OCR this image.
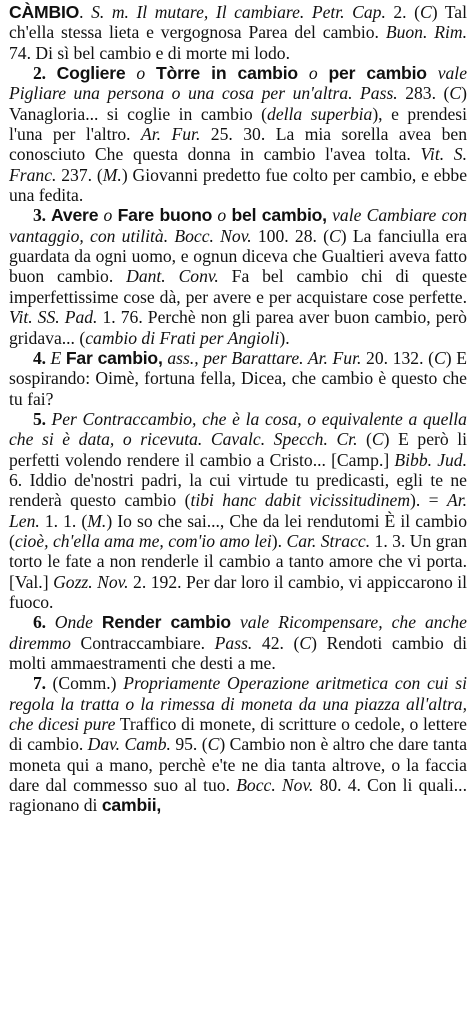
CÀMBIO. S. m. Il mutare, Il cambiare. Petr. Cap. 2. (C) Tal ch'ella stessa lieta e vergognosa Parea del cambio. Buon. Rim. 74. Di sì bel cambio e di morte mi lodo.

2. Cogliere o Tòrre in cambio o per cambio vale Pigliare una persona o una cosa per un'altra. Pass. 283. (C) Vanagloria... si coglie in cambio (della superbia), e prendesi l'una per l'altro. Ar. Fur. 25. 30. La mia sorella avea ben conosciuto Che questa donna in cambio l'avea tolta. Vit. S. Franc. 237. (M.) Giovanni predetto fue colto per cambio, e ebbe una fedita.

3. Avere o Fare buono o bel cambio, vale Cambiare con vantaggio, con utilità. Bocc. Nov. 100. 28. (C) La fanciulla era guardata da ogni uomo, e ognun diceva che Gualtieri aveva fatto buon cambio. Dant. Conv. Fa bel cambio chi di queste imperfettissime cose dà, per avere e per acquistare cose perfette. Vit. SS. Pad. 1. 76. Perchè non gli parea aver buon cambio, però gridava... (cambio di Frati per Angioli).

4. E Far cambio, ass., per Barattare. Ar. Fur. 20. 132. (C) E sospirando: Oimè, fortuna fella, Dicea, che cambio è questo che tu fai?

5. Per Contraccambio, che è la cosa, o equivalente a quella che si è data, o ricevuta. Cavalc. Specch. Cr. (C) E però li perfetti volendo rendere il cambio a Cristo... [Camp.] Bibb. Jud. 6. Iddio de'nostri padri, la cui virtude tu predicasti, egli te ne renderà questo cambio (tibi hanc dabit vicissitudinem). = Ar. Len. 1. 1. (M.) Io so che sai..., Che da lei rendutomi È il cambio (cioè, ch'ella ama me, com'io amo lei). Car. Stracc. 1. 3. Un gran torto le fate a non renderle il cambio a tanto amore che vi porta. [Val.] Gozz. Nov. 2. 192. Per dar loro il cambio, vi appiccarono il fuoco.

6. Onde Render cambio vale Ricompensare, che anche diremmo Contraccambiare. Pass. 42. (C) Rendoti cambio di molti ammaestramenti che desti a me.

7. (Comm.) Propriamente Operazione aritmetica con cui si regola la tratta o la rimessa di moneta da una piazza all'altra, che dicesi pure Traffico di monete, di scritture o cedole, o lettere di cambio. Dav. Camb. 95. (C) Cambio non è altro che dare tanta moneta qui a mano, perchè e'te ne dia tanta altrove, o la faccia dare dal commesso suo al tuo. Bocc. Nov. 80. 4. Con li quali... ragionano di cambii,
